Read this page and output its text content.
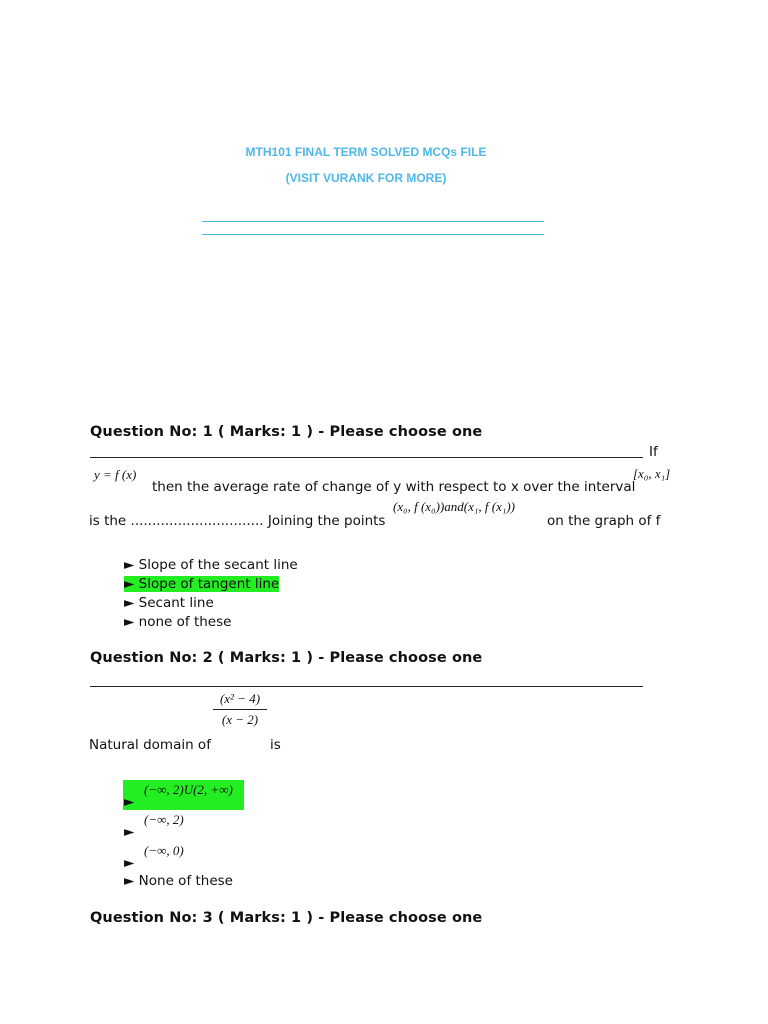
MTH101 FINAL TERM SOLVED MCQs FILE
(VISIT VURANK FOR MORE)
Question No: 1 ( Marks: 1 ) - Please choose one
If
y = f (x)	[x₀, x₁]
then the average rate of change of y with respect to x over the interval
(x₀, f (x₀))and(x₁, f (x₁))
is the ............................... Joining the points	on the graph of f
► Slope of the secant line
► Slope of tangent line
► Secant line
► none of these
Question No: 2 ( Marks: 1 ) - Please choose one
(x² − 4)
(x − 2)
Natural domain of	is
►
(−∞, 2)U(2, +∞)
►
(−∞, 2)
►
(−∞, 0)
► None of these
Question No: 3 ( Marks: 1 ) - Please choose one
